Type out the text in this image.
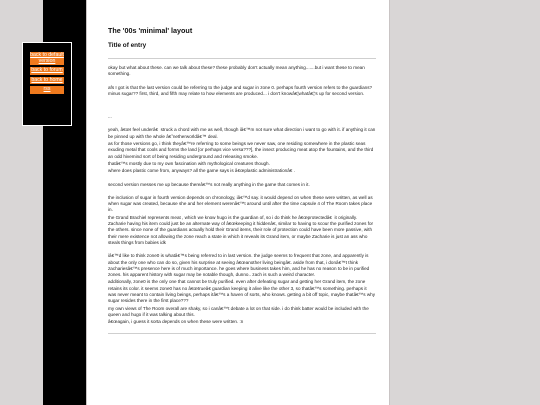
back to default version
back to forum
back to home
rss
The '00s 'minimal' layout
Title of entry

okay but what about these. can we talk about these? these probably don't actually mean anything.......but i want these to mean something.

afs I got is that the last version could be referring to the judge and sugar in zone 0. perhaps fourth version refers to the guardians? minus sugar?? first, third, and fifth may relate to how elements are produced... i don't knowâ€¦whatâ€¦'s up for second version.

...

yeah, â€œI feel underâ€  struck a chord with me as well, though iâ€™m not sure what direction i want to go with it. if anything it can be pinned up with the whole â€˜netherworldâ€™ deal.

as for those versions go, i think theyâ€™re referring to some beings we never saw, one residing somewhere in the plastic seas exuding metal that cools and forms the land [or perhaps vice versa???], the insect producing meat atop the fountains, and the third an odd hivemind sort of being residing underground and releasing smoke.

thatâ€™s mostly due to my own fascination with mythological creatures though.

where does plastic come from, anyways? all the game says is â€œplastic administrationâ€ .

second version messes me up because thereâ€™s not really anything in the game that comes in it.

the inclusion of sugar in fourth version depends on chronology, iâ€™d say. it would depend on when these were written, as well as when sugar was created, because she and her element werenâ€™t around until after the time capsule 4 of The Room takes place in.

the Grand Brachiel represents meat , which we know hugo is the guardian of, so i do think he â€œprotectedâ€  it originally. Zacharie having his item could just be an alternate way of â€œkeeping it hiddenâ€, similar to having to scour the purified zones for the others. since none of the guardians actually hold their Grand items, their role of protection could have been more passive, with their mere existence not allowing the zone reach a state in which it reveals its Grand item, or maybe Zacharie is just an ass who steals things from babies idk

iâ€™d like to think zone0 is whatâ€™s being referred to in last version. the judge seems to frequent that zone, and apparently is about the only one who can do so, given his surprise at seeing â€œanother living beingâ€. aside from that, i donâ€™t think zachariesâ€™s presence here is of much importance. he goes where business takes him, and he has no reason to be in purified zones. his apparent history with sugar may be notable though, dunno.. zach is such a weird character.

additionally, zone0 is the only one that cannot be truly purified. even after defeating sugar and getting her Grand item, the zone retains its color. it seems zone0 has no â€œtrueâ€ guardian keeping it alive like the other 3, so thatâ€™s something. perhaps it was never meant to contain living beings, perhaps itâ€™s a haven of sorts, who knows. getting a bit off topic, maybe thatâ€™s why sugar resides there in the first place???

my own views of The Room overall are shaky, so i canâ€™t debate a lot on that side. i do think batter would be included with the queen and hugo if it was talking about this.

â€œagain, i guess it sorta depends on when these were written. :n
